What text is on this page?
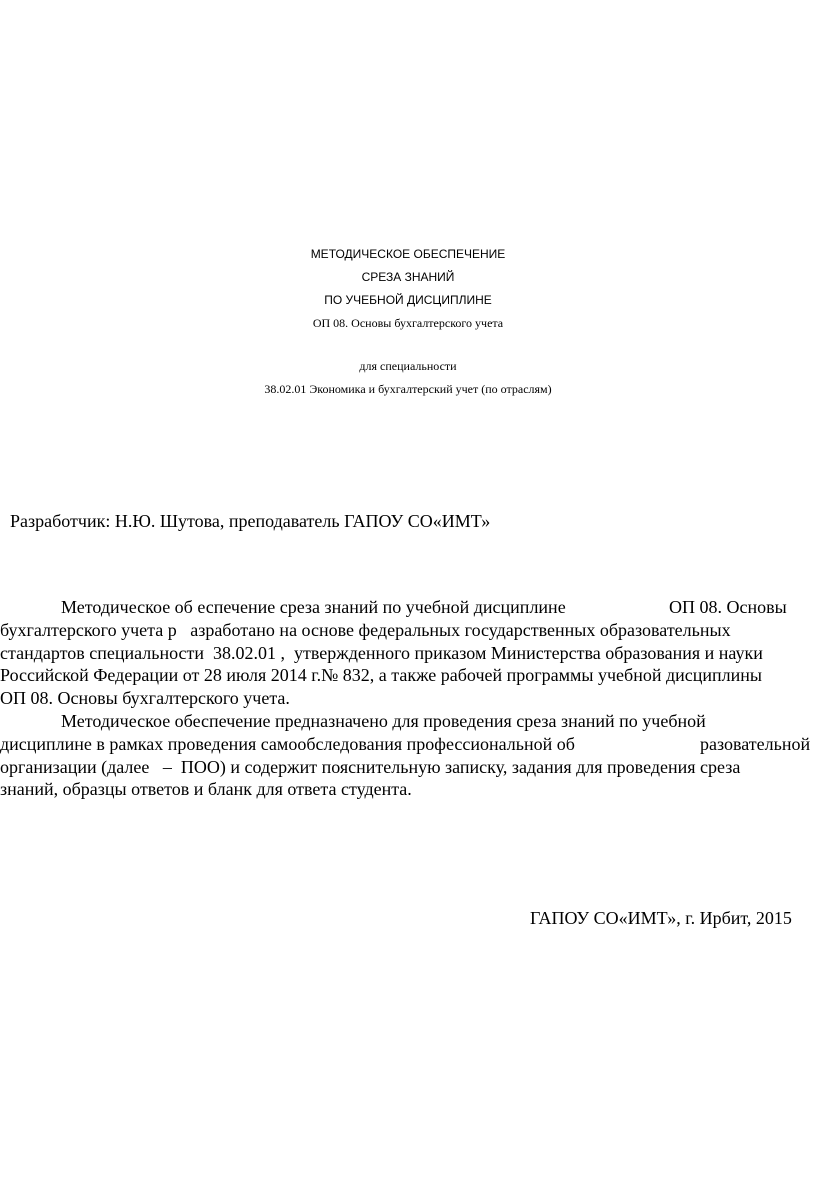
МЕТОДИЧЕСКОЕ ОБЕСПЕЧЕНИЕ
СРЕЗА ЗНАНИЙ
ПО УЧЕБНОЙ ДИСЦИПЛИНЕ
ОП 08. Основы бухгалтерского учета
для специальности
38.02.01 Экономика и бухгалтерский учет (по отраслям)
Разработчик: Н.Ю. Шутова, преподаватель ГАПОУ СО«ИМТ»
Методическое об еспечение среза знаний по учебной дисциплине	ОП 08. Основы
бухгалтерского учета р   азработано на основе федеральных государственных образовательных
стандартов специальности  38.02.01 ,  утвержденного приказом Министерства образования и науки
Российской Федерации от 28 июля 2014 г.№ 832, а также рабочей программы учебной дисциплины
ОП 08. Основы бухгалтерского учета.
Методическое обеспечение предназначено для проведения среза знаний по учебной
дисциплине в рамках проведения самообследования профессиональной об	разовательной
организации (далее   –  ПОО) и содержит пояснительную записку, задания для проведения среза
знаний, образцы ответов и бланк для ответа студента.
ГАПОУ СО«ИМТ», г. Ирбит, 2015
